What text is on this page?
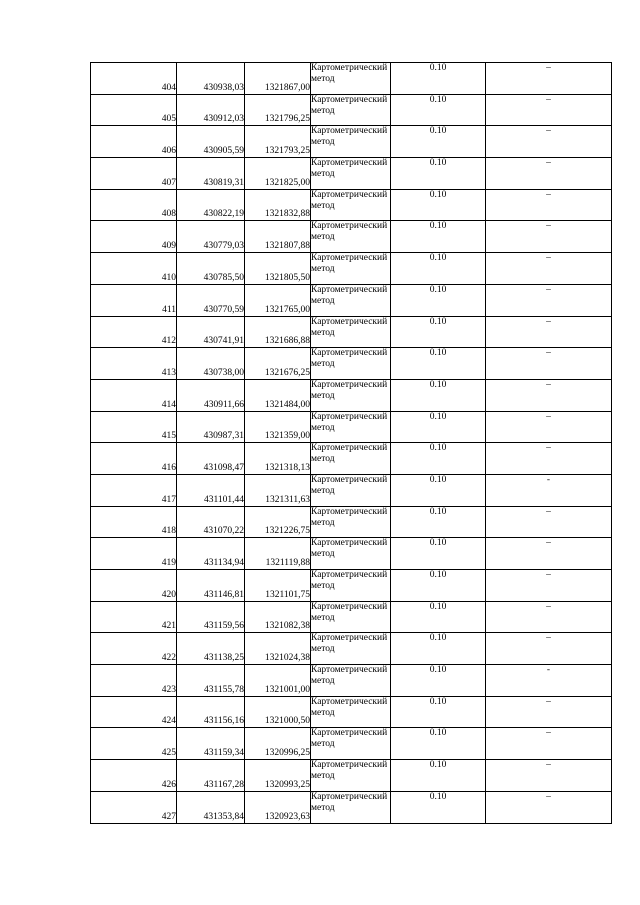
404	430938,03	1321867,00	Картометрический метод	0.10	–
405	430912,03	1321796,25	Картометрический метод	0.10	–
406	430905,59	1321793,25	Картометрический метод	0.10	–
407	430819,31	1321825,00	Картометрический метод	0.10	–
408	430822,19	1321832,88	Картометрический метод	0.10	–
409	430779,03	1321807,88	Картометрический метод	0.10	–
410	430785,50	1321805,50	Картометрический метод	0.10	–
411	430770,59	1321765,00	Картометрический метод	0.10	–
412	430741,91	1321686,88	Картометрический метод	0.10	–
413	430738,00	1321676,25	Картометрический метод	0.10	–
414	430911,66	1321484,00	Картометрический метод	0.10	–
415	430987,31	1321359,00	Картометрический метод	0.10	–
416	431098,47	1321318,13	Картометрический метод	0.10	–
417	431101,44	1321311,63	Картометрический метод	0.10	-
418	431070,22	1321226,75	Картометрический метод	0.10	–
419	431134,94	1321119,88	Картометрический метод	0.10	–
420	431146,81	1321101,75	Картометрический метод	0.10	–
421	431159,56	1321082,38	Картометрический метод	0.10	–
422	431138,25	1321024,38	Картометрический метод	0.10	–
423	431155,78	1321001,00	Картометрический метод	0.10	-
424	431156,16	1321000,50	Картометрический метод	0.10	–
425	431159,34	1320996,25	Картометрический метод	0.10	–
426	431167,28	1320993,25	Картометрический метод	0.10	–
427	431353,84	1320923,63	Картометрический метод	0.10	–
